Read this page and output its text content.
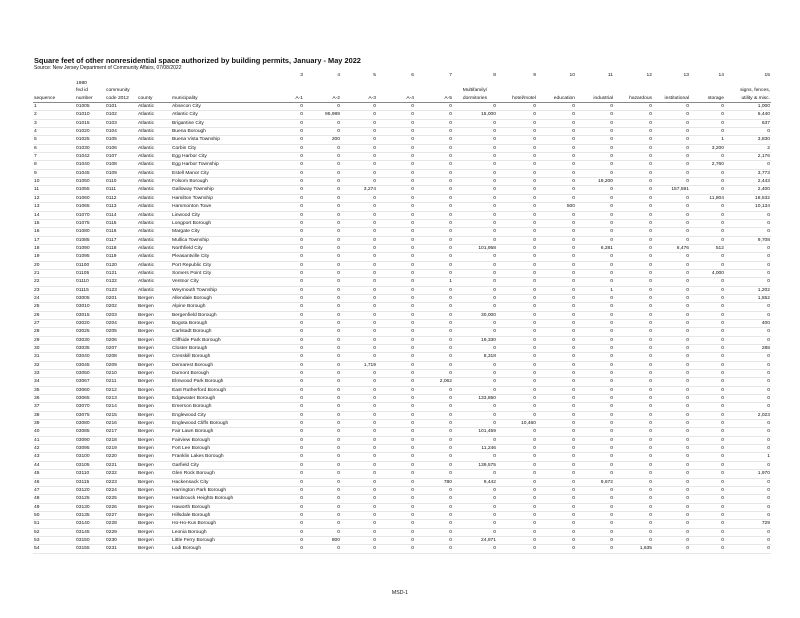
Square feet of other nonresidential space authorized by building permits, January - May 2022
Source: New Jersey Department of Community Affairs, 07/08/2022
					3	4	5	6	7	8	9	10	11	12	13	14	15
	1980																
	fed id	community								Multifamily/							signs, fences,
sequence	number	code 2012	county	municipality	A-1	A-2	A-3	A-4	A-5	dormitories	hotel/motel	education	industrial	hazardous	institutional	storage	utility & misc.
1	01005	0101	Atlantic	Absecon City	0	0	0	0	0	0	0	0	0	0	0	0	1,000
2	01010	0102	Atlantic	Atlantic City	0	95,989	0	0	0	15,000	0	0	0	0	0	0	6,440
3	01015	0103	Atlantic	Brigantine City	0	0	0	0	0	0	0	0	0	0	0	0	637
4	01020	0104	Atlantic	Buena Borough	0	0	0	0	0	0	0	0	0	0	0	0	0
5	01025	0105	Atlantic	Buena Vista Township	0	200	0	0	0	0	0	0	0	0	0	1	3,830
6	01030	0106	Atlantic	Corbin City	0	0	0	0	0	0	0	0	0	0	0	3,200	2
7	01042	0107	Atlantic	Egg Harbor City	0	0	0	0	0	0	0	0	0	0	0	0	2,176
8	01040	0108	Atlantic	Egg Harbor Township	0	0	0	0	0	0	0	0	0	0	0	2,760	0
9	01045	0109	Atlantic	Estell Manor City	0	0	0	0	0	0	0	0	0	0	0	0	3,773
10	01050	0110	Atlantic	Folsom Borough	0	0	0	0	0	0	0	0	19,200	0	0	0	2,443
11	01055	0111	Atlantic	Galloway Township	0	0	3,274	0	0	0	0	0	0	0	157,591	0	2,400
12	01060	0112	Atlantic	Hamilton Township	0	0	0	0	0	0	0	0	0	0	0	11,804	18,532
13	01065	0113	Atlantic	Hammonton Town	0	0	0	0	0	0	0	500	0	0	0	0	10,134
14	01070	0114	Atlantic	Linwood City	0	0	0	0	0	0	0	0	0	0	0	0	0
15	01075	0115	Atlantic	Longport Borough	0	0	0	0	0	0	0	0	0	0	0	0	0
16	01080	0116	Atlantic	Margate City	0	0	0	0	0	0	0	0	0	0	0	0	0
17	01085	0117	Atlantic	Mullica Township	0	0	0	0	0	0	0	0	0	0	0	0	9,708
18	01090	0118	Atlantic	Northfield City	0	0	0	0	0	101,958	0	0	6,281	0	6,476	512	0
19	01095	0119	Atlantic	Pleasantville City	0	0	0	0	0	0	0	0	0	0	0	0	0
20	01100	0120	Atlantic	Port Republic City	0	0	0	0	0	0	0	0	0	0	0	0	0
21	01105	0121	Atlantic	Somers Point City	0	0	0	0	0	0	0	0	0	0	0	4,000	0
22	01110	0122	Atlantic	Ventnor City	0	0	0	0	1	0	0	0	0	0	0	0	0
23	01115	0123	Atlantic	Weymouth Township	0	0	0	0	0	0	0	0	1	0	0	0	1,202
24	03005	0201	Bergen	Allendale Borough	0	0	0	0	0	0	0	0	0	0	0	0	1,552
25	03010	0202	Bergen	Alpine Borough	0	0	0	0	0	0	0	0	0	0	0	0	0
26	03015	0203	Bergen	Bergenfield Borough	0	0	0	0	0	30,000	0	0	0	0	0	0	0
27	03020	0204	Bergen	Bogota Borough	0	0	0	0	0	0	0	0	0	0	0	0	400
28	03025	0205	Bergen	Carlstadt Borough	0	0	0	0	0	0	0	0	0	0	0	0	0
29	03030	0206	Bergen	Cliffside Park Borough	0	0	0	0	0	19,330	0	0	0	0	0	0	0
30	03035	0207	Bergen	Closter Borough	0	0	0	0	0	0	0	0	0	0	0	0	288
31	03040	0208	Bergen	Cresskill Borough	0	0	0	0	0	8,318	0	0	0	0	0	0	0
32	03045	0209	Bergen	Demarest Borough	0	0	1,719	0	0	0	0	0	0	0	0	0	0
33	03050	0210	Bergen	Dumont Borough	0	0	0	0	0	0	0	0	0	0	0	0	0
34	03067	0211	Bergen	Elmwood Park Borough	0	0	0	0	2,062	0	0	0	0	0	0	0	0
35	03060	0212	Bergen	East Rutherford Borough	0	0	0	0	0	0	0	0	0	0	0	0	0
36	03065	0213	Bergen	Edgewater Borough	0	0	0	0	0	133,850	0	0	0	0	0	0	0
37	03070	0214	Bergen	Emerson Borough	0	0	0	0	0	0	0	0	0	0	0	0	0
38	03075	0215	Bergen	Englewood City	0	0	0	0	0	0	0	0	0	0	0	0	2,023
39	03080	0216	Bergen	Englewood Cliffs Borough	0	0	0	0	0	0	10,460	0	0	0	0	0	0
40	03085	0217	Bergen	Fair Lawn Borough	0	0	0	0	0	101,459	0	0	0	0	0	0	0
41	03090	0218	Bergen	Fairview Borough	0	0	0	0	0	0	0	0	0	0	0	0	0
42	03095	0219	Bergen	Fort Lee Borough	0	0	0	0	0	11,246	0	0	0	0	0	0	0
43	03100	0220	Bergen	Franklin Lakes Borough	0	0	0	0	0	0	0	0	0	0	0	0	1
44	03105	0221	Bergen	Garfield City	0	0	0	0	0	139,575	0	0	0	0	0	0	0
45	03110	0222	Bergen	Glen Rock Borough	0	0	0	0	0	0	0	0	0	0	0	0	1,970
46	03115	0223	Bergen	Hackensack City	0	0	0	0	780	9,442	0	0	9,672	0	0	0	0
47	03120	0224	Bergen	Harrington Park Borough	0	0	0	0	0	0	0	0	0	0	0	0	0
48	03125	0225	Bergen	Hasbrouck Heights Borough	0	0	0	0	0	0	0	0	0	0	0	0	0
49	03130	0226	Bergen	Haworth Borough	0	0	0	0	0	0	0	0	0	0	0	0	0
50	03135	0227	Bergen	Hillsdale Borough	0	0	0	0	0	0	0	0	0	0	0	0	0
51	03140	0228	Bergen	Ho-Ho-Kus Borough	0	0	0	0	0	0	0	0	0	0	0	0	729
52	03145	0229	Bergen	Leonia Borough	0	0	0	0	0	0	0	0	0	0	0	0	0
53	03150	0230	Bergen	Little Ferry Borough	0	800	0	0	0	24,971	0	0	0	0	0	0	0
54	03155	0231	Bergen	Lodi Borough	0	0	0	0	0	0	0	0	0	1,635	0	0	0
MSD-1
